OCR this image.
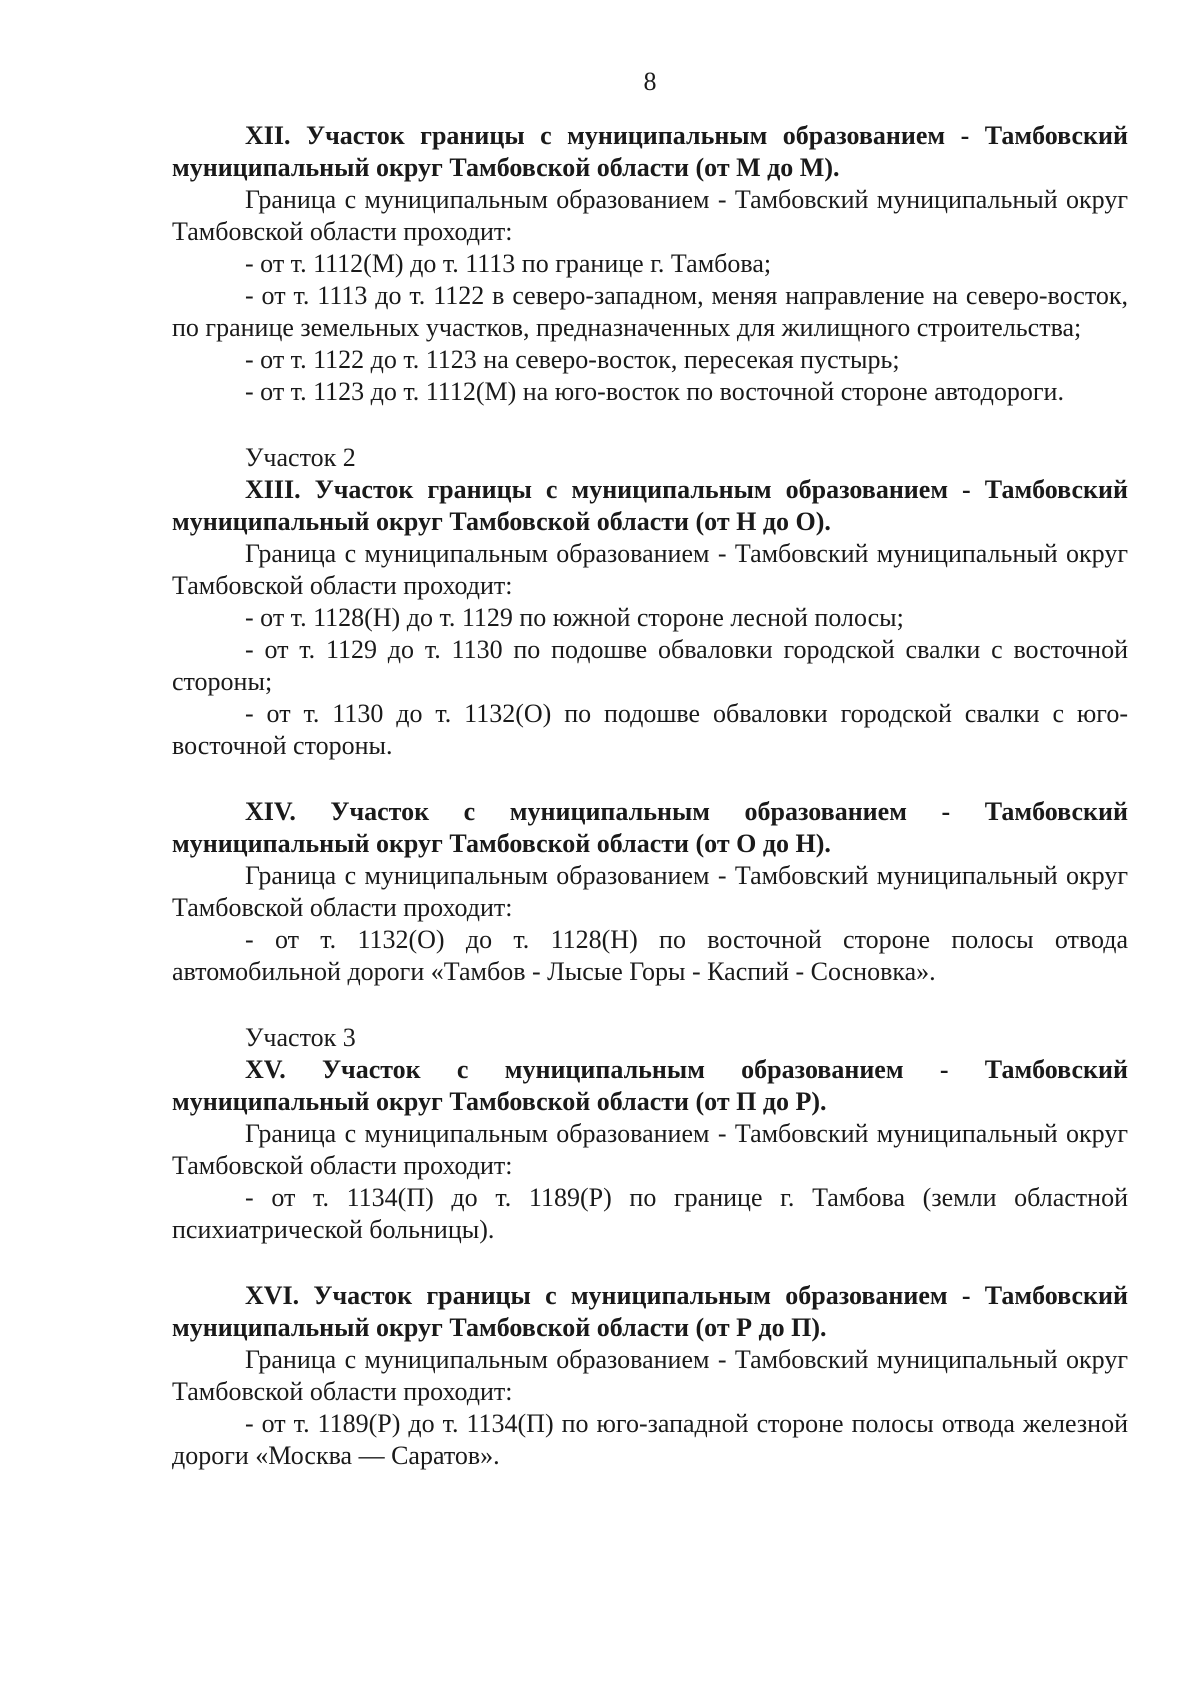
8

XII. Участок границы с муниципальным образованием - Тамбовский муниципальный округ Тамбовской области (от М до М).

Граница с муниципальным образованием - Тамбовский муниципальный округ Тамбовской области проходит:

- от т. 1112(М) до т. 1113 по границе г. Тамбова;

- от т. 1113 до т. 1122 в северо-западном, меняя направление на северо-восток, по границе земельных участков, предназначенных для жилищного строительства;

- от т. 1122 до т. 1123 на северо-восток, пересекая пустырь;

- от т. 1123 до т. 1112(М) на юго-восток по восточной стороне автодороги.

Участок 2

XIII. Участок границы с муниципальным образованием - Тамбовский муниципальный округ Тамбовской области (от Н до О).

Граница с муниципальным образованием - Тамбовский муниципальный округ Тамбовской области проходит:

- от т. 1128(Н) до т. 1129 по южной стороне лесной полосы;

- от т. 1129 до т. 1130 по подошве обваловки городской свалки с восточной стороны;

- от т. 1130 до т. 1132(О) по подошве обваловки городской свалки с юго-восточной стороны.

XIV. Участок с муниципальным образованием - Тамбовский муниципальный округ Тамбовской области (от О до Н).

Граница с муниципальным образованием - Тамбовский муниципальный округ Тамбовской области проходит:

- от т. 1132(О) до т. 1128(Н) по восточной стороне полосы отвода автомобильной дороги «Тамбов - Лысые Горы - Каспий - Сосновка».

Участок 3

XV. Участок с муниципальным образованием - Тамбовский муниципальный округ Тамбовской области (от П до Р).

Граница с муниципальным образованием - Тамбовский муниципальный округ Тамбовской области проходит:

- от т. 1134(П) до т. 1189(Р) по границе г. Тамбова (земли областной психиатрической больницы).

XVI. Участок границы с муниципальным образованием - Тамбовский муниципальный округ Тамбовской области (от Р до П).

Граница с муниципальным образованием - Тамбовский муниципальный округ Тамбовской области проходит:

- от т. 1189(Р) до т. 1134(П) по юго-западной стороне полосы отвода железной дороги «Москва — Саратов».
